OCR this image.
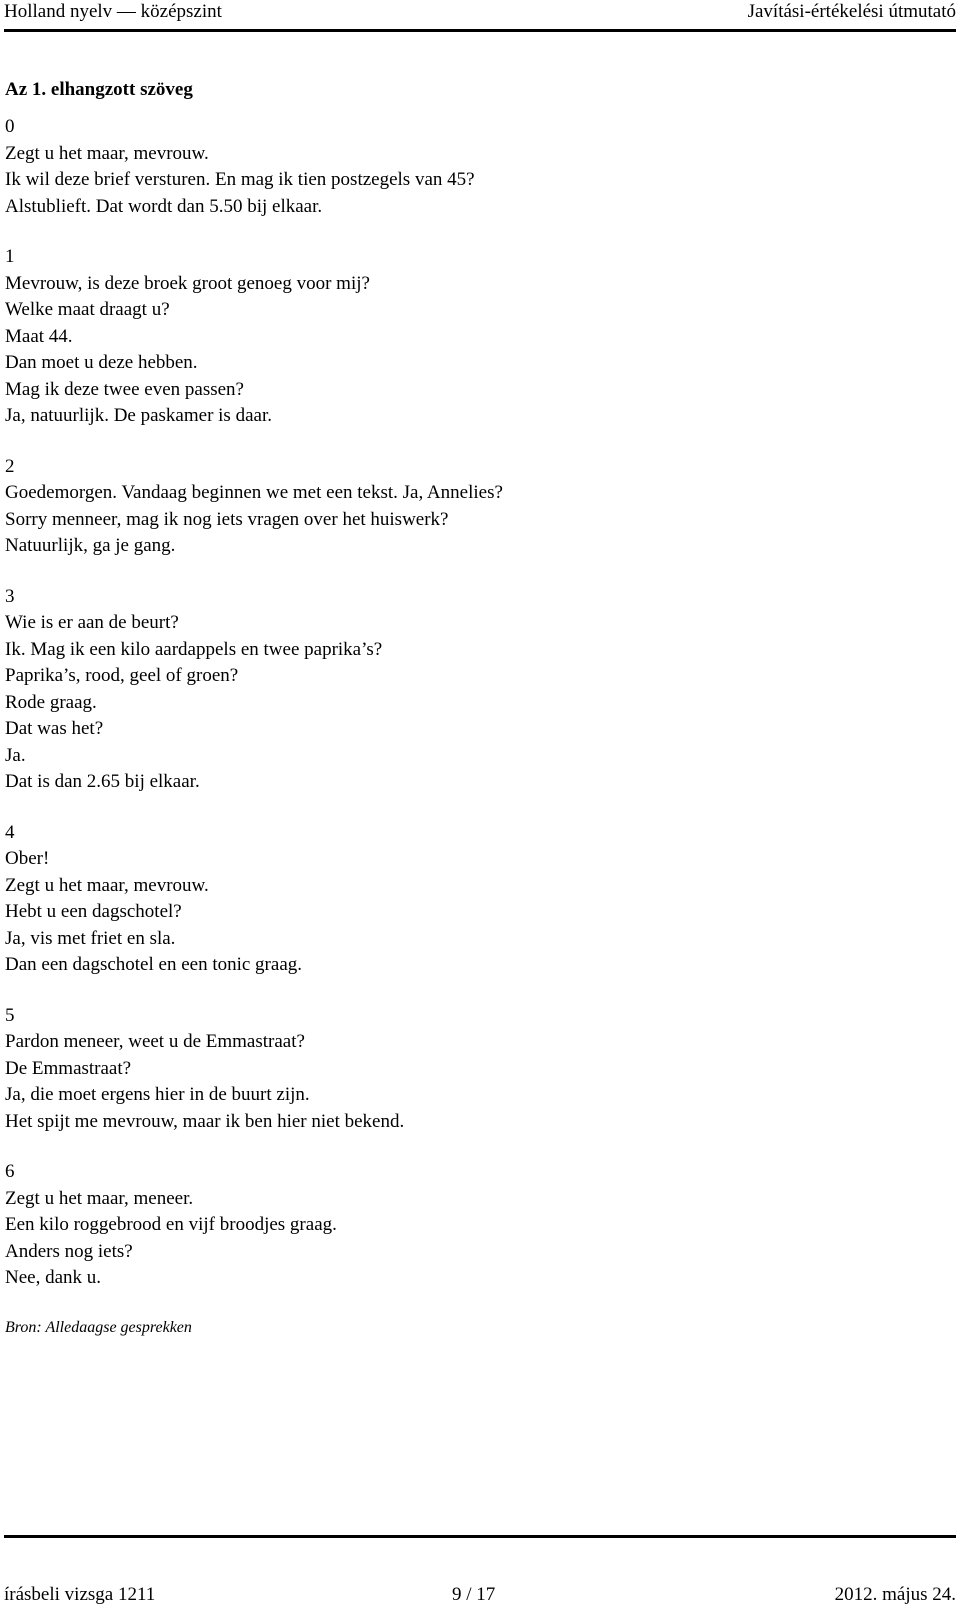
Holland nyelv — középszint	Javítási-értékelési útmutató
Az 1. elhangzott szöveg
0
Zegt u het maar, mevrouw.
Ik wil deze brief versturen. En mag ik tien postzegels van 45?
Alstublieft. Dat wordt dan 5.50 bij elkaar.
1
Mevrouw, is deze broek groot genoeg voor mij?
Welke maat draagt u?
Maat 44.
Dan moet u deze hebben.
Mag ik deze twee even passen?
Ja, natuurlijk. De paskamer is daar.
2
Goedemorgen. Vandaag beginnen we met een tekst. Ja, Annelies?
Sorry menneer, mag ik nog iets vragen over het huiswerk?
Natuurlijk, ga je gang.
3
Wie is er aan de beurt?
Ik. Mag ik een kilo aardappels en twee paprika’s?
Paprika’s, rood, geel of groen?
Rode graag.
Dat was het?
Ja.
Dat is dan 2.65 bij elkaar.
4
Ober!
Zegt u het maar, mevrouw.
Hebt u een dagschotel?
Ja, vis met friet en sla.
Dan een dagschotel en een tonic graag.
5
Pardon meneer, weet u de Emmastraat?
De Emmastraat?
Ja, die moet ergens hier in de buurt zijn.
Het spijt me mevrouw, maar ik ben hier niet bekend.
6
Zegt u het maar, meneer.
Een kilo roggebrood en vijf broodjes graag.
Anders nog iets?
Nee, dank u.
Bron: Alledaagse gesprekken
írásbeli vizsga 1211	9 / 17	2012. május 24.
